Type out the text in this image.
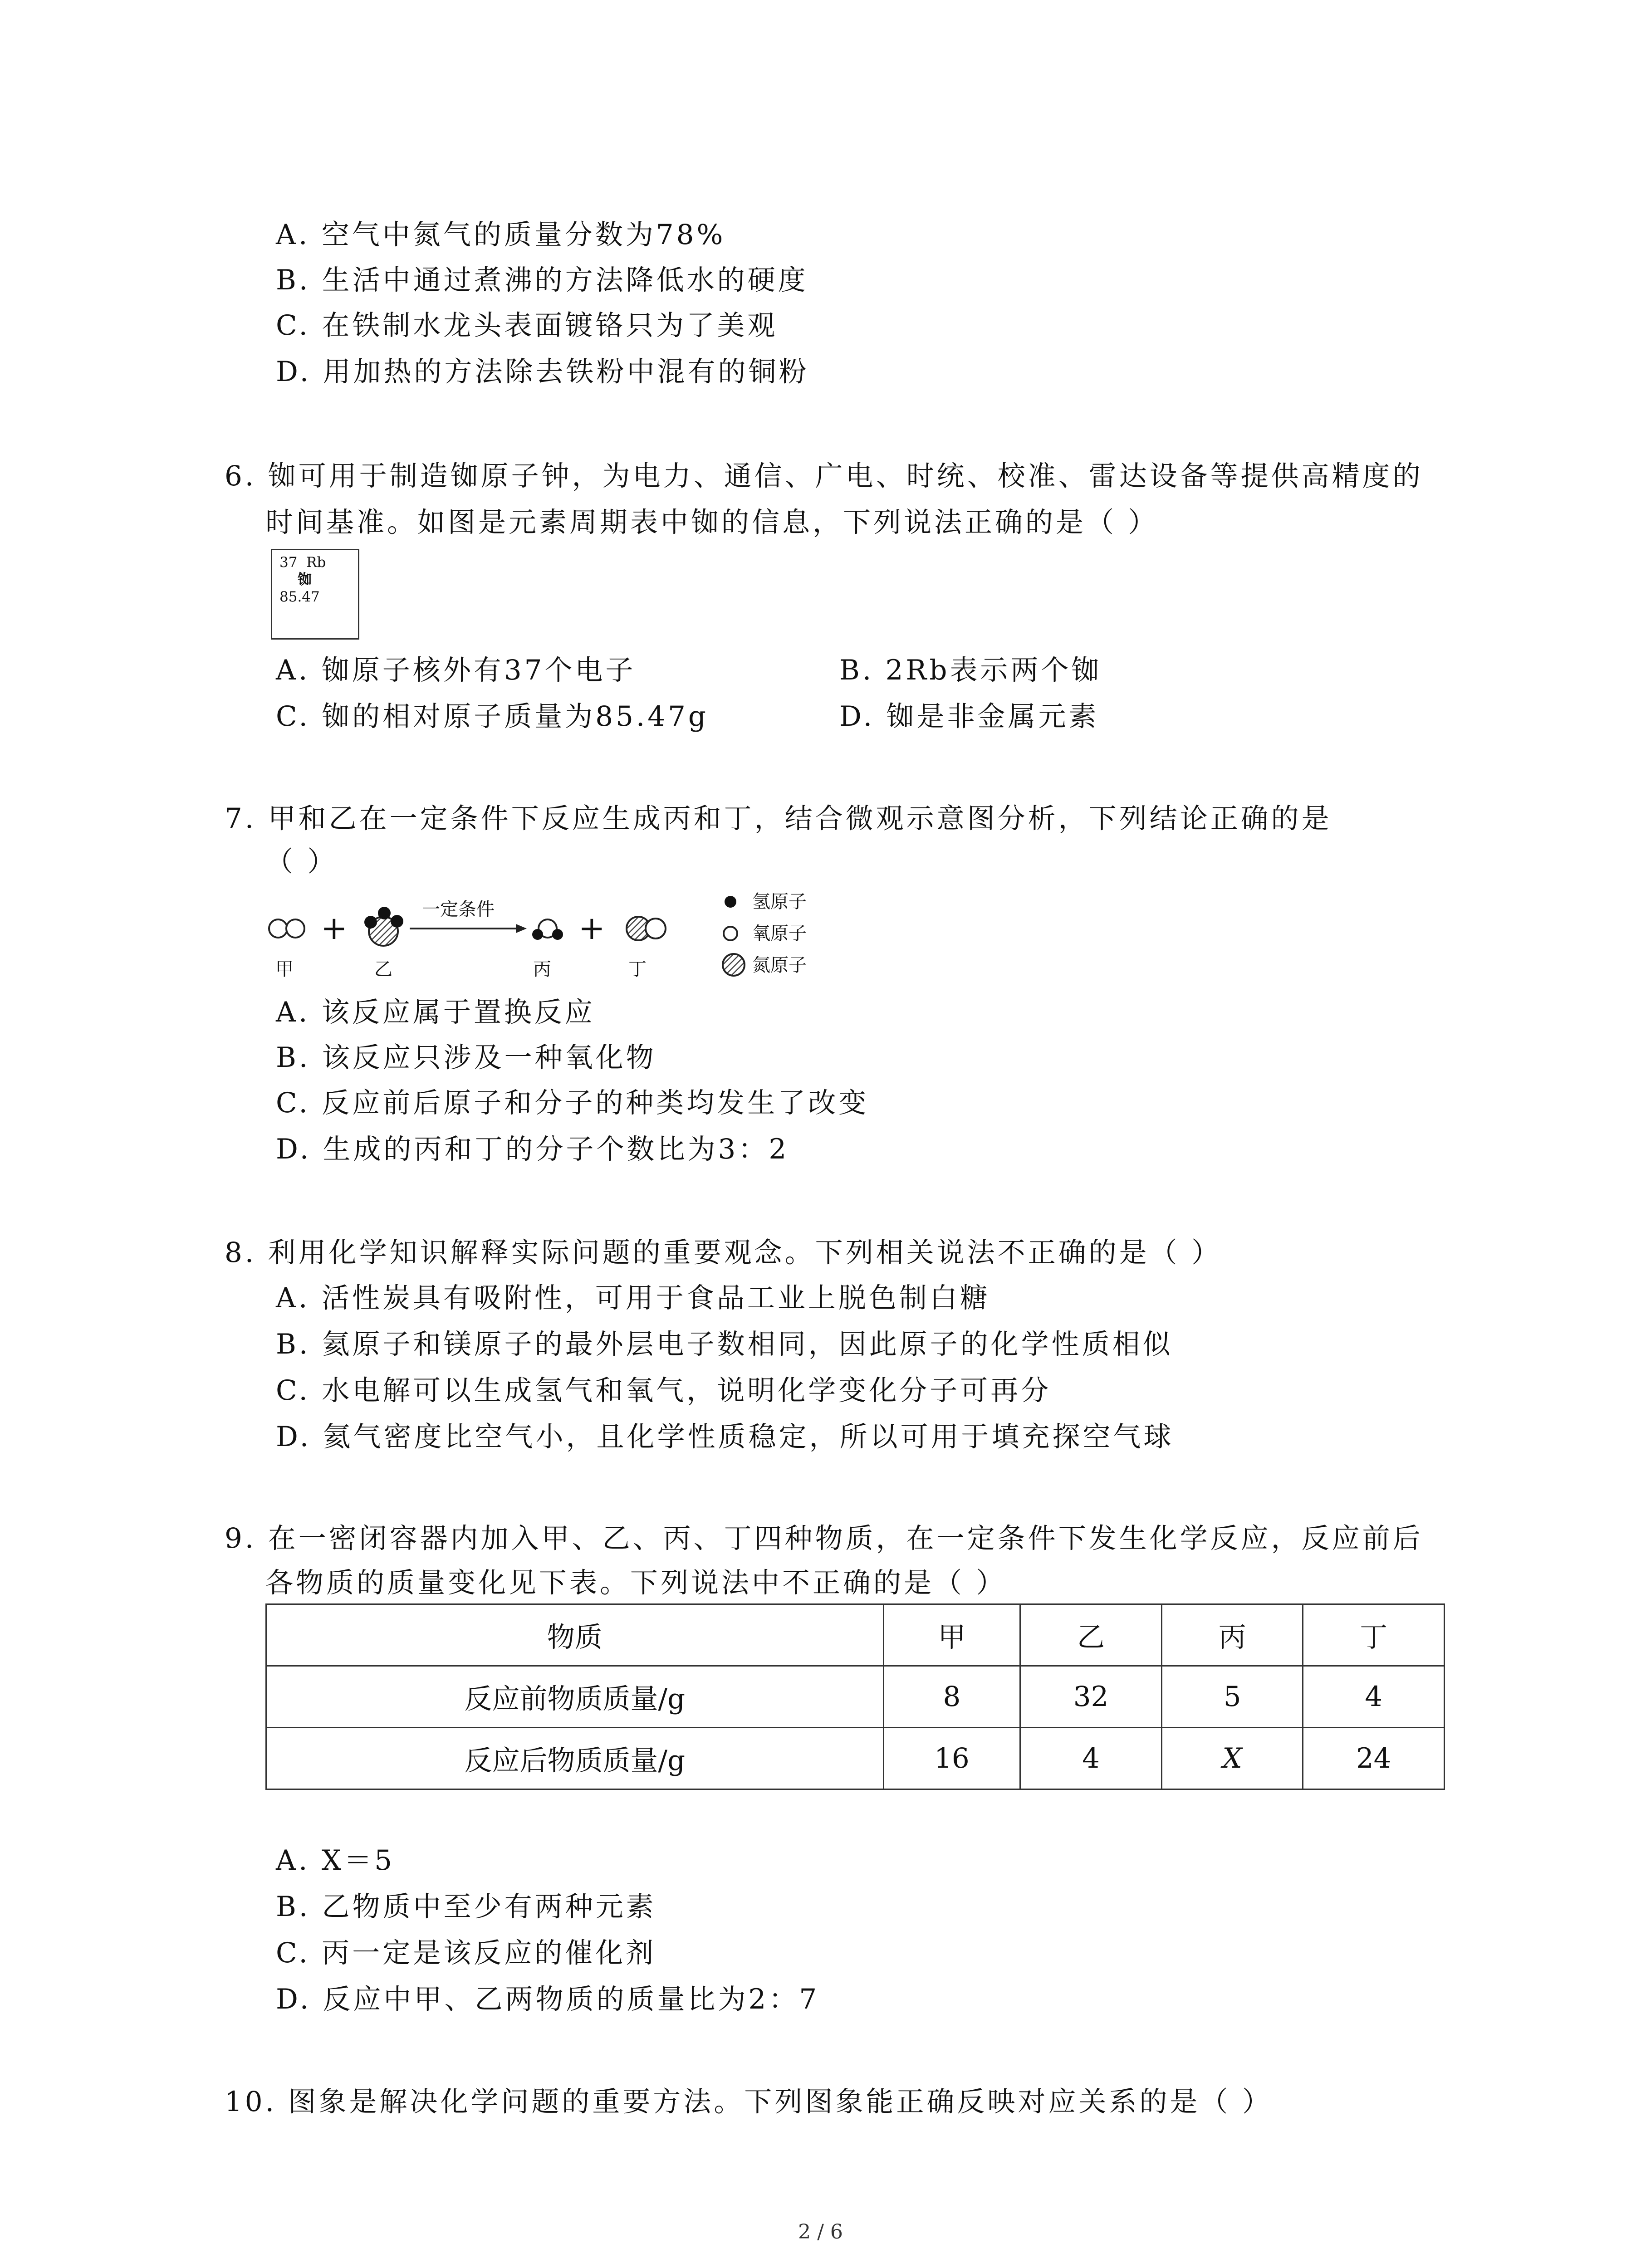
A. 空气中氮气的质量分数为78%
B. 生活中通过煮沸的方法降低水的硬度
C. 在铁制水龙头表面镀铬只为了美观
D. 用加热的方法除去铁粉中混有的铜粉
6. 铷可用于制造铷原子钟，为电力、通信、广电、时统、校准、雷达设备等提供高精度的
时间基准。如图是元素周期表中铷的信息，下列说法正确的是（ ）
37 Rb
铷
85.47
A. 铷原子核外有37个电子	B. 2Rb表示两个铷
C. 铷的相对原子质量为85.47g	D. 铷是非金属元素
7. 甲和乙在一定条件下反应生成丙和丁，结合微观示意图分析，下列结论正确的是
（ ）
+	+
一定条件
甲	乙	丙	丁
氢原子
氧原子
氮原子
A. 该反应属于置换反应
B. 该反应只涉及一种氧化物
C. 反应前后原子和分子的种类均发生了改变
D. 生成的丙和丁的分子个数比为3：2
8. 利用化学知识解释实际问题的重要观念。下列相关说法不正确的是（ ）
A. 活性炭具有吸附性，可用于食品工业上脱色制白糖
B. 氦原子和镁原子的最外层电子数相同，因此原子的化学性质相似
C. 水电解可以生成氢气和氧气，说明化学变化分子可再分
D. 氦气密度比空气小，且化学性质稳定，所以可用于填充探空气球
9. 在一密闭容器内加入甲、乙、丙、丁四种物质，在一定条件下发生化学反应，反应前后
各物质的质量变化见下表。下列说法中不正确的是（ ）
物质	甲	乙	丙	丁
反应前物质质量/g	8	32	5	4
反应后物质质量/g	16	4	X	24
A. X＝5
B. 乙物质中至少有两种元素
C. 丙一定是该反应的催化剂
D. 反应中甲、乙两物质的质量比为2：7
10. 图象是解决化学问题的重要方法。下列图象能正确反映对应关系的是（ ）
2 / 6
